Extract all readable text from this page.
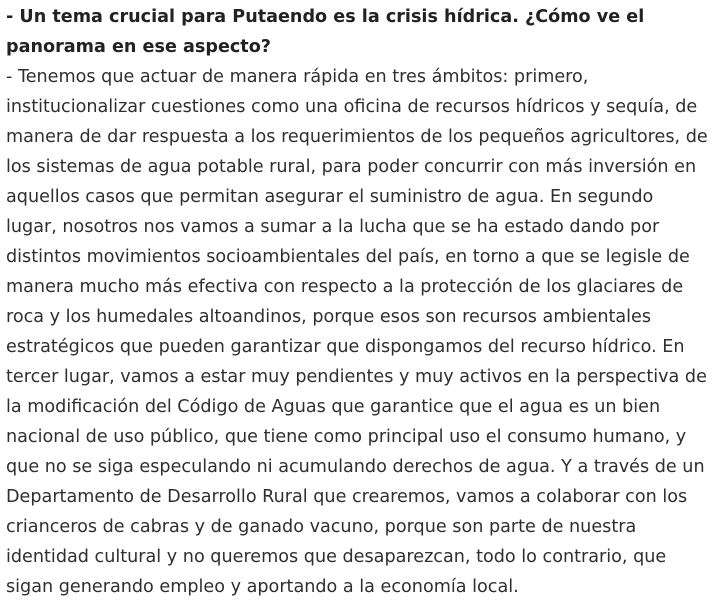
- Un tema crucial para Putaendo es la crisis hídrica. ¿Cómo ve el panorama en ese aspecto?

- Tenemos que actuar de manera rápida en tres ámbitos: primero, institucionalizar cuestiones como una oficina de recursos hídricos y sequía, de manera de dar respuesta a los requerimientos de los pequeños agricultores, de los sistemas de agua potable rural, para poder concurrir con más inversión en aquellos casos que permitan asegurar el suministro de agua. En segundo lugar, nosotros nos vamos a sumar a la lucha que se ha estado dando por distintos movimientos socioambientales del país, en torno a que se legisle de manera mucho más efectiva con respecto a la protección de los glaciares de roca y los humedales altoandinos, porque esos son recursos ambientales estratégicos que pueden garantizar que dispongamos del recurso hídrico. En tercer lugar, vamos a estar muy pendientes y muy activos en la perspectiva de la modificación del Código de Aguas que garantice que el agua es un bien nacional de uso público, que tiene como principal uso el consumo humano, y que no se siga especulando ni acumulando derechos de agua. Y a través de un Departamento de Desarrollo Rural que crearemos, vamos a colaborar con los crianceros de cabras y de ganado vacuno, porque son parte de nuestra identidad cultural y no queremos que desaparezcan, todo lo contrario, que sigan generando empleo y aportando a la economía local.
